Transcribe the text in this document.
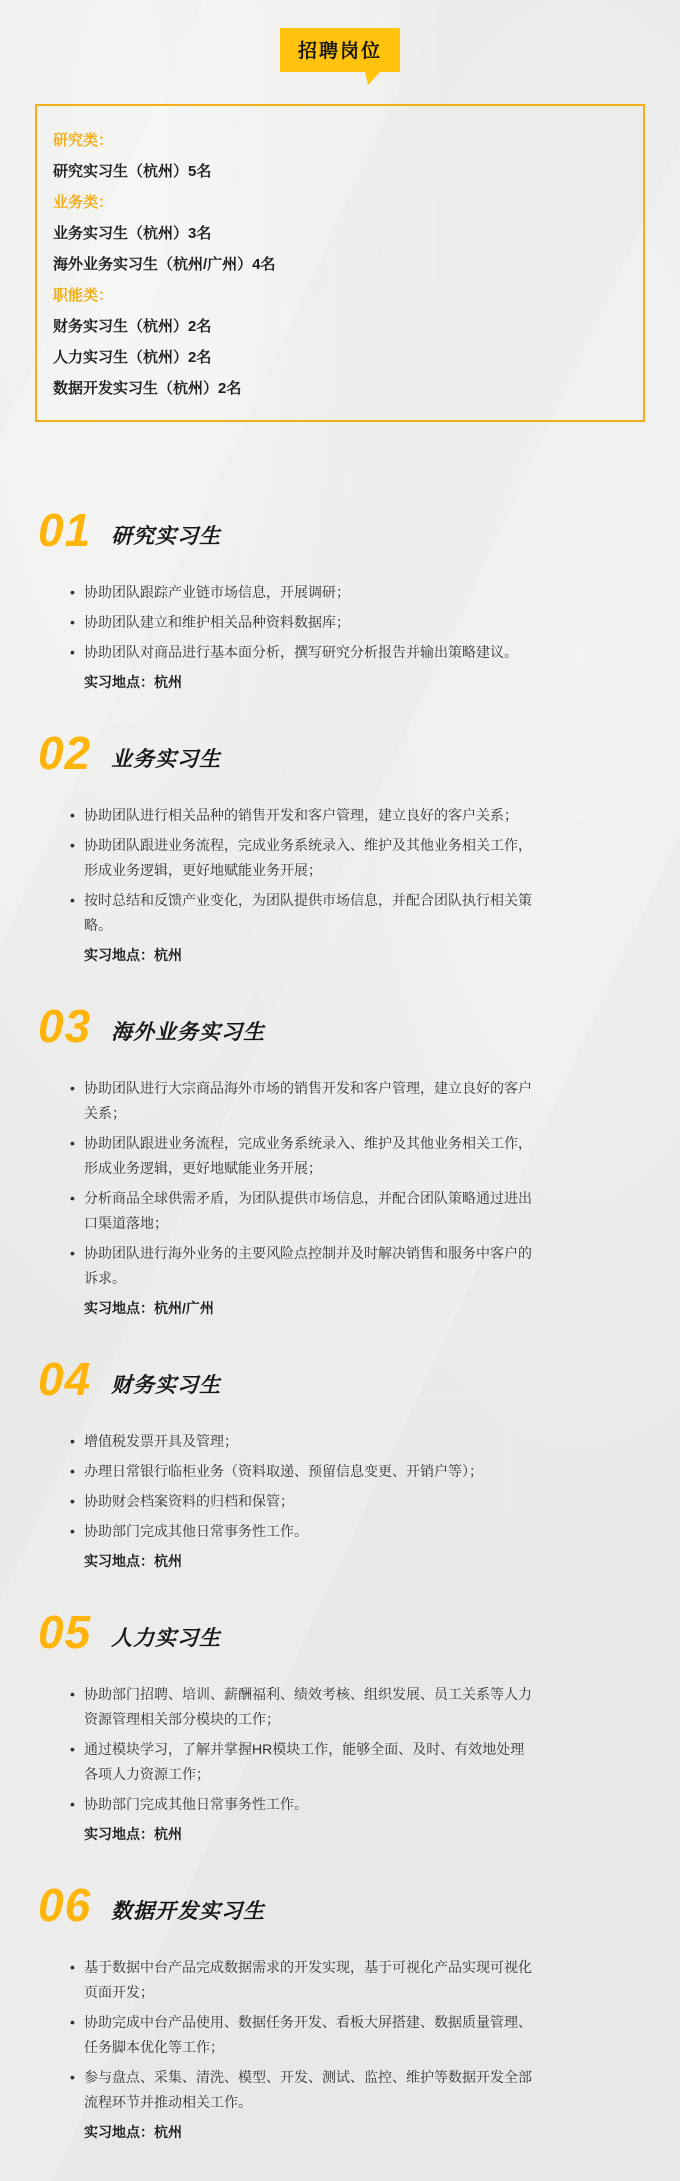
招聘岗位

研究类：

研究实习生（杭州）5名

业务类：

业务实习生（杭州）3名

海外业务实习生（杭州/广州）4名

职能类：

财务实习生（杭州）2名

人力实习生（杭州）2名

数据开发实习生（杭州）2名

01 研究实习生
• 协助团队跟踪产业链市场信息，开展调研；
• 协助团队建立和维护相关品种资料数据库；
• 协助团队对商品进行基本面分析，撰写研究分析报告并输出策略建议。

实习地点：杭州

02 业务实习生
• 协助团队进行相关品种的销售开发和客户管理，建立良好的客户关系；
• 协助团队跟进业务流程，完成业务系统录入、维护及其他业务相关工作，形成业务逻辑，更好地赋能业务开展；
• 按时总结和反馈产业变化，为团队提供市场信息，并配合团队执行相关策略。

实习地点：杭州

03 海外业务实习生
• 协助团队进行大宗商品海外市场的销售开发和客户管理，建立良好的客户关系；
• 协助团队跟进业务流程，完成业务系统录入、维护及其他业务相关工作，形成业务逻辑，更好地赋能业务开展；
• 分析商品全球供需矛盾，为团队提供市场信息，并配合团队策略通过进出口渠道落地；
• 协助团队进行海外业务的主要风险点控制并及时解决销售和服务中客户的诉求。

实习地点：杭州/广州

04 财务实习生
• 增值税发票开具及管理；
• 办理日常银行临柜业务（资料取递、预留信息变更、开销户等）；
• 协助财会档案资料的归档和保管；
• 协助部门完成其他日常事务性工作。

实习地点：杭州

05 人力实习生
• 协助部门招聘、培训、薪酬福利、绩效考核、组织发展、员工关系等人力资源管理相关部分模块的工作；
• 通过模块学习，了解并掌握HR模块工作，能够全面、及时、有效地处理各项人力资源工作；
• 协助部门完成其他日常事务性工作。

实习地点：杭州

06 数据开发实习生
• 基于数据中台产品完成数据需求的开发实现，基于可视化产品实现可视化页面开发；
• 协助完成中台产品使用、数据任务开发、看板大屏搭建、数据质量管理、任务脚本优化等工作；
• 参与盘点、采集、清洗、模型、开发、测试、监控、维护等数据开发全部流程环节并推动相关工作。

实习地点：杭州
